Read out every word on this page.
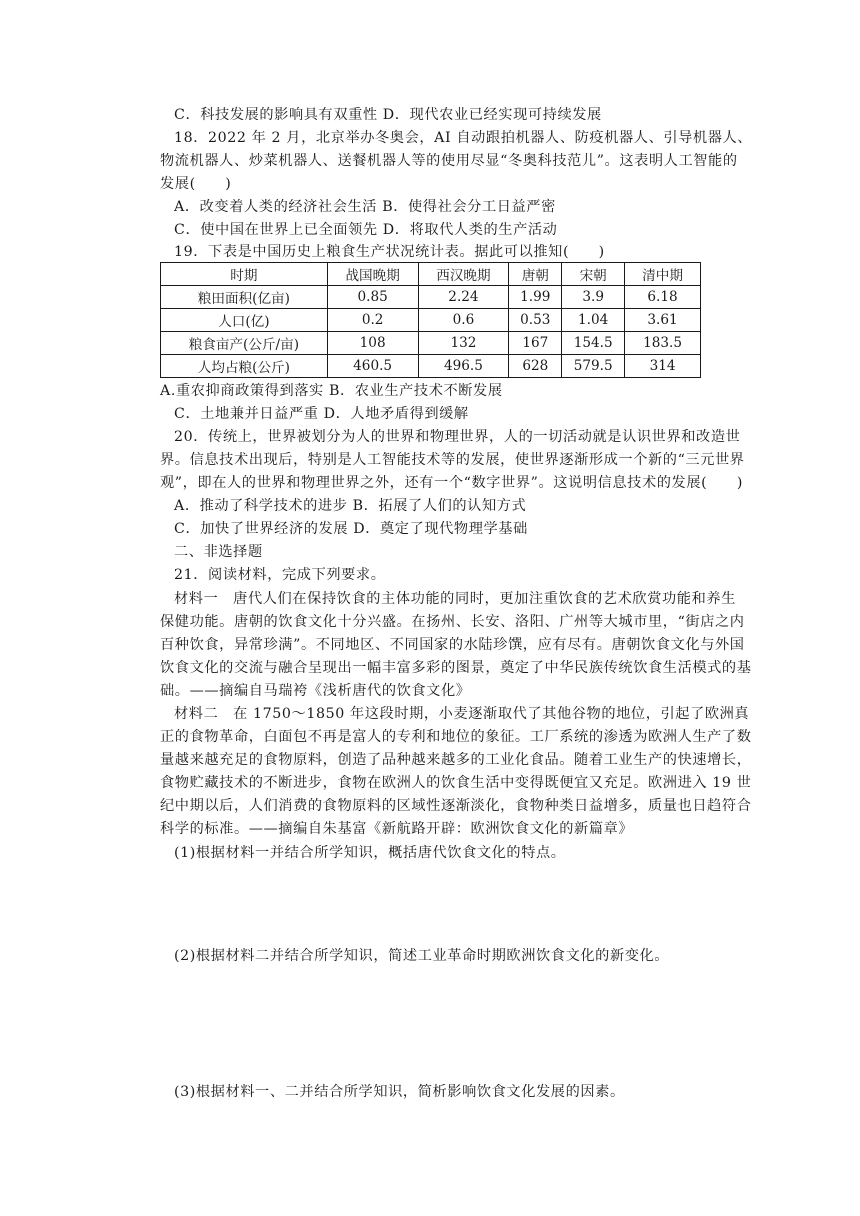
C．科技发展的影响具有双重性 D．现代农业已经实现可持续发展
18．2022 年 2 月，北京举办冬奥会，AI 自动跟拍机器人、防疫机器人、引导机器人、
物流机器人、炒菜机器人、送餐机器人等的使用尽显“冬奥科技范儿”。这表明人工智能的
发展(　　)
A．改变着人类的经济社会生活 B．使得社会分工日益严密
C．使中国在世界上已全面领先 D．将取代人类的生产活动
19．下表是中国历史上粮食生产状况统计表。据此可以推知(　　)
时期	战国晚期	西汉晚期	唐朝	宋朝	清中期
粮田面积(亿亩)	0.85	2.24	1.99	3.9	6.18
人口(亿)	0.2	0.6	0.53	1.04	3.61
粮食亩产(公斤/亩)	108	132	167	154.5	183.5
人均占粮(公斤)	460.5	496.5	628	579.5	314
A.重农抑商政策得到落实 B．农业生产技术不断发展
C．土地兼并日益严重 D．人地矛盾得到缓解
20．传统上，世界被划分为人的世界和物理世界，人的一切活动就是认识世界和改造世
界。信息技术出现后，特别是人工智能技术等的发展，使世界逐渐形成一个新的“三元世界
观”，即在人的世界和物理世界之外，还有一个“数字世界”。这说明信息技术的发展(　　)
A．推动了科学技术的进步 B．拓展了人们的认知方式
C．加快了世界经济的发展 D．奠定了现代物理学基础
二、非选择题
21．阅读材料，完成下列要求。
材料一　唐代人们在保持饮食的主体功能的同时，更加注重饮食的艺术欣赏功能和养生
保健功能。唐朝的饮食文化十分兴盛。在扬州、长安、洛阳、广州等大城市里，“街店之内
百种饮食，异常珍满”。不同地区、不同国家的水陆珍馔，应有尽有。唐朝饮食文化与外国
饮食文化的交流与融合呈现出一幅丰富多彩的图景，奠定了中华民族传统饮食生活模式的基
础。——摘编自马瑞袴《浅析唐代的饮食文化》
材料二　在 1750～1850 年这段时期，小麦逐渐取代了其他谷物的地位，引起了欧洲真
正的食物革命，白面包不再是富人的专利和地位的象征。工厂系统的渗透为欧洲人生产了数
量越来越充足的食物原料，创造了品种越来越多的工业化食品。随着工业生产的快速增长，
食物贮藏技术的不断进步，食物在欧洲人的饮食生活中变得既便宜又充足。欧洲进入 19 世
纪中期以后，人们消费的食物原料的区域性逐渐淡化，食物种类日益增多，质量也日趋符合
科学的标准。——摘编自朱基富《新航路开辟：欧洲饮食文化的新篇章》
(1)根据材料一并结合所学知识，概括唐代饮食文化的特点。
(2)根据材料二并结合所学知识，简述工业革命时期欧洲饮食文化的新变化。
(3)根据材料一、二并结合所学知识，简析影响饮食文化发展的因素。
